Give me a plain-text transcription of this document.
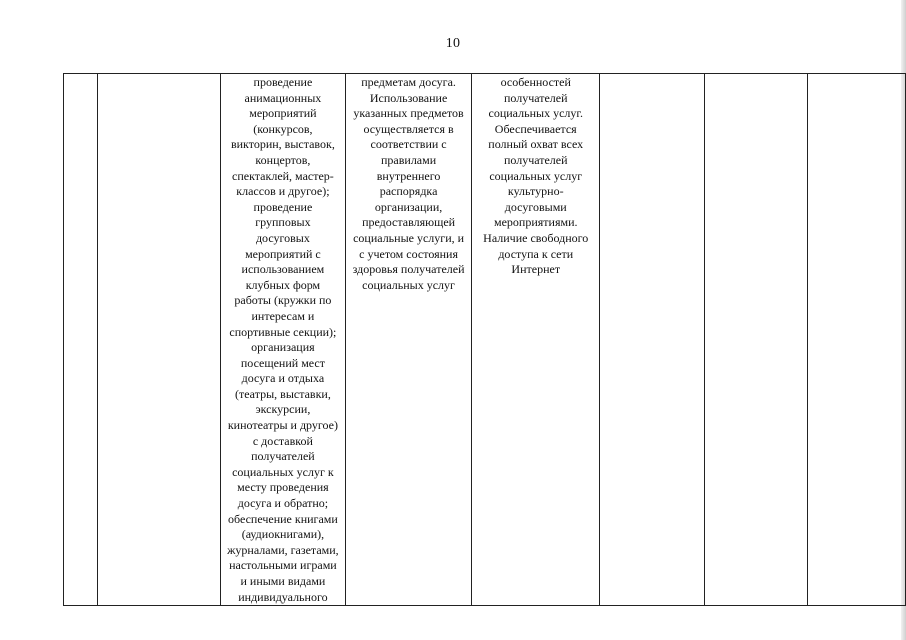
10

проведение
анимационных
мероприятий
(конкурсов,
викторин, выставок,
концертов,
спектаклей, мастер-
классов и другое);
проведение
групповых
досуговых
мероприятий с
использованием
клубных форм
работы (кружки по
интересам и
спортивные секции);
организация
посещений мест
досуга и отдыха
(театры, выставки,
экскурсии,
кинотеатры и другое)
с доставкой
получателей
социальных услуг к
месту проведения
досуга и обратно;
обеспечение книгами
(аудиокнигами),
журналами, газетами,
настольными играми
и иными видами
индивидуального

предметам досуга.
Использование
указанных предметов
осуществляется в
соответствии с
правилами
внутреннего
распорядка
организации,
предоставляющей
социальные услуги, и
с учетом состояния
здоровья получателей
социальных услуг

особенностей
получателей
социальных услуг.
Обеспечивается
полный охват всех
получателей
социальных услуг
культурно-
досуговыми
мероприятиями.
Наличие свободного
доступа к сети
Интернет
